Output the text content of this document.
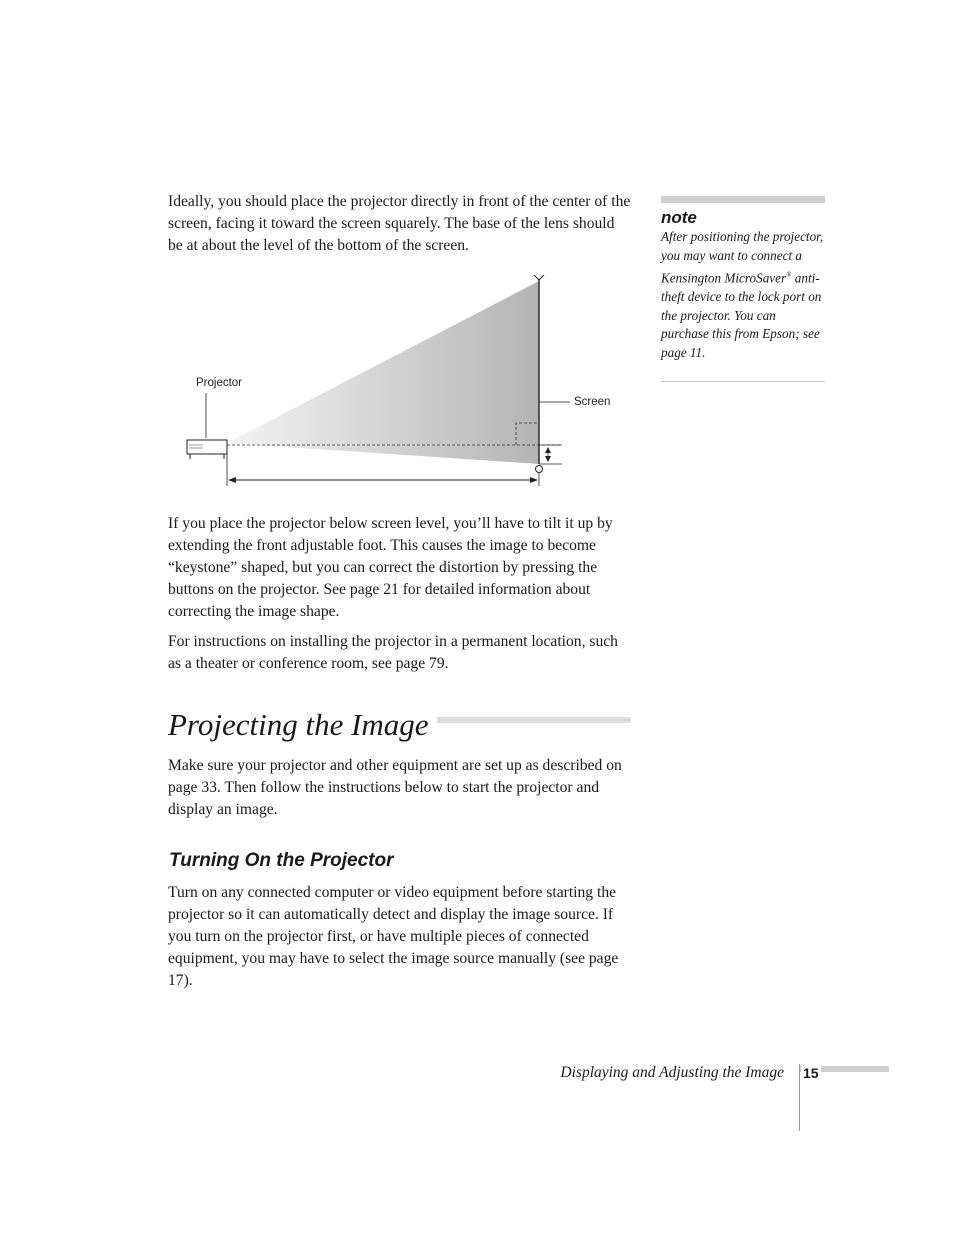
Ideally, you should place the projector directly in front of the center of the screen, facing it toward the screen squarely. The base of the lens should be at about the level of the bottom of the screen.

note
After positioning the projector, you may want to connect a Kensington MicroSaver® anti-theft device to the lock port on the projector. You can purchase this from Epson; see page 11.
Screen
Projector

If you place the projector below screen level, you’ll have to tilt it up by extending the front adjustable foot. This causes the image to become “keystone” shaped, but you can correct the distortion by pressing the buttons on the projector. See page 21 for detailed information about correcting the image shape.

For instructions on installing the projector in a permanent location, such as a theater or conference room, see page 79.

Projecting the Image

Make sure your projector and other equipment are set up as described on page 33. Then follow the instructions below to start the projector and display an image.

Turning On the Projector

Turn on any connected computer or video equipment before starting the projector so it can automatically detect and display the image source. If you turn on the projector first, or have multiple pieces of connected equipment, you may have to select the image source manually (see page 17).

Displaying and Adjusting the Image 15
